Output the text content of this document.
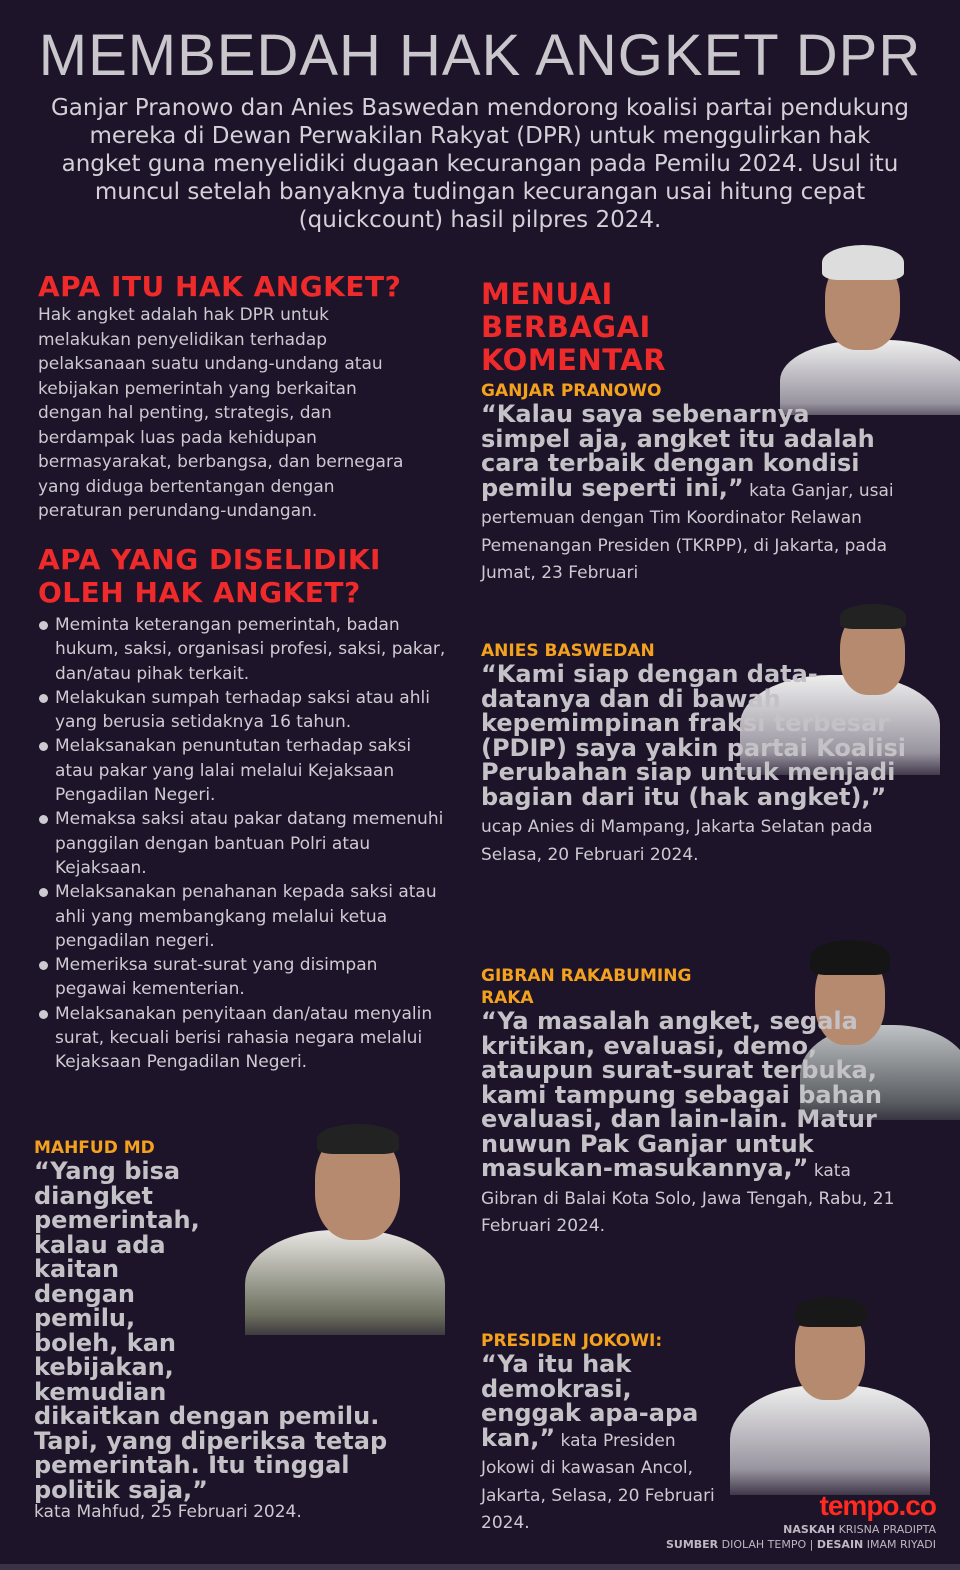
MEMBEDAH HAK ANGKET DPR
Ganjar Pranowo dan Anies Baswedan mendorong koalisi partai pendukung mereka di Dewan Perwakilan Rakyat (DPR) untuk menggulirkan hak angket guna menyelidiki dugaan kecurangan pada Pemilu 2024. Usul itu muncul setelah banyaknya tudingan kecurangan usai hitung cepat (quickcount) hasil pilpres 2024.
APA ITU HAK ANGKET?
Hak angket adalah hak DPR untuk melakukan penyelidikan terhadap pelaksanaan suatu undang-undang atau kebijakan pemerintah yang berkaitan dengan hal penting, strategis, dan berdampak luas pada kehidupan bermasyarakat, berbangsa, dan bernegara yang diduga bertentangan dengan peraturan perundang-undangan.
APA YANG DISELIDIKI OLEH HAK ANGKET?
Meminta keterangan pemerintah, badan hukum, saksi, organisasi profesi, saksi, pakar, dan/atau pihak terkait.
Melakukan sumpah terhadap saksi atau ahli yang berusia setidaknya 16 tahun.
Melaksanakan penuntutan terhadap saksi atau pakar yang lalai melalui Kejaksaan Pengadilan Negeri.
Memaksa saksi atau pakar datang memenuhi panggilan dengan bantuan Polri atau Kejaksaan.
Melaksanakan penahanan kepada saksi atau ahli yang membangkang melalui ketua pengadilan negeri.
Memeriksa surat-surat yang disimpan pegawai kementerian.
Melaksanakan penyitaan dan/atau menyalin surat, kecuali berisi rahasia negara melalui Kejaksaan Pengadilan Negeri.
MAHFUD MD
“Yang bisa diangket pemerintah, kalau ada kaitan dengan pemilu, boleh, kan kebijakan, kemudian dikaitkan dengan pemilu. Tapi, yang diperiksa tetap pemerintah. Itu tinggal politik saja,”
kata Mahfud, 25 Februari 2024.
MENUAI BERBAGAI KOMENTAR
GANJAR PRANOWO
“Kalau saya sebenarnya simpel aja, angket itu adalah cara terbaik dengan kondisi pemilu seperti ini,” kata Ganjar, usai pertemuan dengan Tim Koordinator Relawan Pemenangan Presiden (TKRPP), di Jakarta, pada Jumat, 23 Februari
ANIES BASWEDAN
“Kami siap dengan data-datanya dan di bawah kepemimpinan fraksi terbesar (PDIP) saya yakin partai Koalisi Perubahan siap untuk menjadi bagian dari itu (hak angket),” ucap Anies di Mampang, Jakarta Selatan pada Selasa, 20 Februari 2024.
GIBRAN RAKABUMING RAKA
“Ya masalah angket, segala kritikan, evaluasi, demo, ataupun surat-surat terbuka, kami tampung sebagai bahan evaluasi, dan lain-lain. Matur nuwun Pak Ganjar untuk masukan-masukannya,” kata Gibran di Balai Kota Solo, Jawa Tengah, Rabu, 21 Februari 2024.
PRESIDEN JOKOWI:
“Ya itu hak demokrasi, enggak apa-apa kan,” kata Presiden Jokowi di kawasan Ancol, Jakarta, Selasa, 20 Februari 2024.
tempo.co
NASKAH KRISNA PRADIPTA
SUMBER DIOLAH TEMPO | DESAIN IMAM RIYADI
